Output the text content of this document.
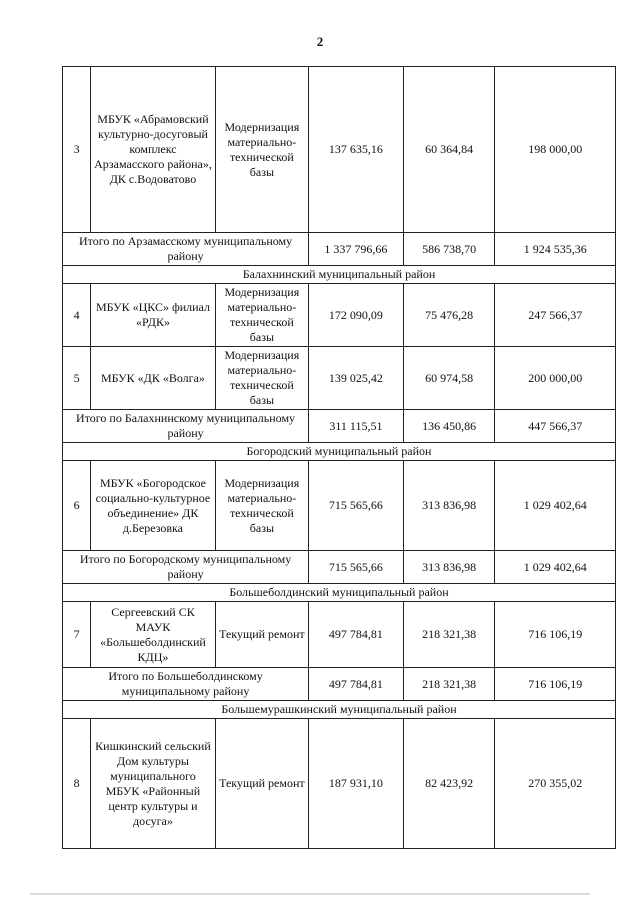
2
3	МБУК «Абрамовский культурно-досуговый комплекс Арзамасского района», ДК с.Водоватово	Модернизация материально-технической базы	137 635,16	60 364,84	198 000,00
Итого по Арзамасскому муниципальному району			1 337 796,66	586 738,70	1 924 535,36
Балахнинский муниципальный район					
4	МБУК «ЦКС» филиал «РДК»	Модернизация материально-технической базы	172 090,09	75 476,28	247 566,37
5	МБУК «ДК «Волга»	Модернизация материально-технической базы	139 025,42	60 974,58	200 000,00
Итого по Балахнинскому муниципальному району			311 115,51	136 450,86	447 566,37
Богородский муниципальный район					
6	МБУК «Богородское социально-культурное объединение» ДК д.Березовка	Модернизация материально-технической базы	715 565,66	313 836,98	1 029 402,64
Итого по Богородскому муниципальному району			715 565,66	313 836,98	1 029 402,64
Большеболдинский муниципальный район					
7	Сергеевский СК МАУК «Большеболдинский КДЦ»	Текущий ремонт	497 784,81	218 321,38	716 106,19
Итого по Большеболдинскому муниципальному району			497 784,81	218 321,38	716 106,19
Большемурашкинский муниципальный район					
8	Кишкинский сельский Дом культуры муниципального МБУК «Районный центр культуры и досуга»	Текущий ремонт	187 931,10	82 423,92	270 355,02
